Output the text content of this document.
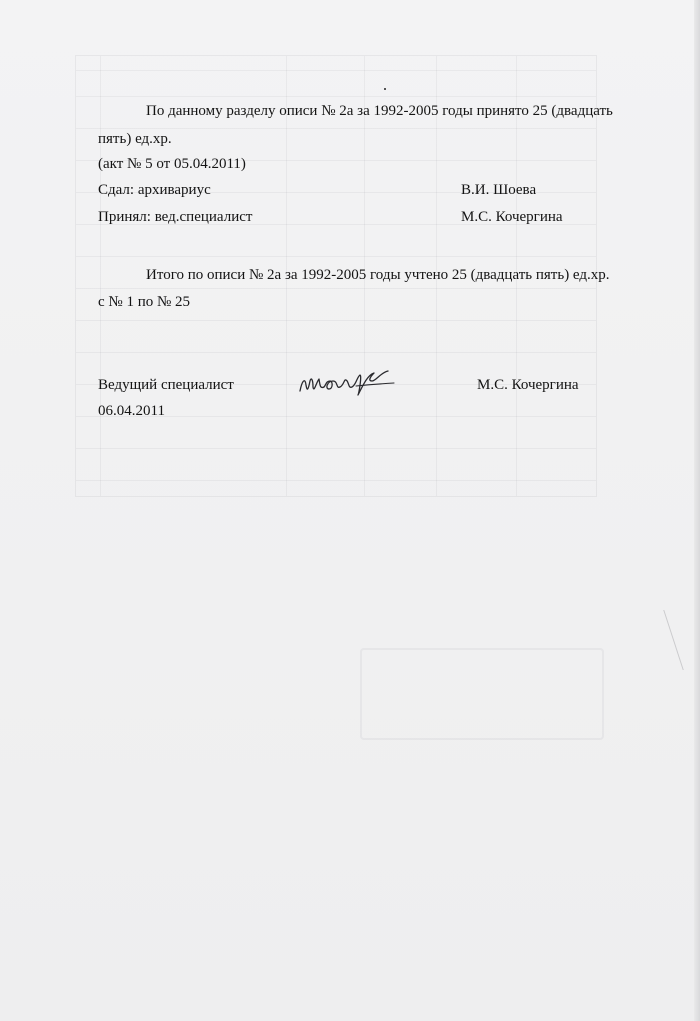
По данному разделу описи № 2а за 1992-2005 годы принято 25 (двадцать
пять) ед.хр.
(акт № 5 от 05.04.2011)
Сдал: архивариус	В.И. Шоева
Принял: вед.специалист	М.С. Кочергина
Итого по описи № 2а за 1992-2005 годы учтено 25 (двадцать пять) ед.хр.
с № 1 по № 25
Ведущий специалист
06.04.2011
М.С. Кочергина
